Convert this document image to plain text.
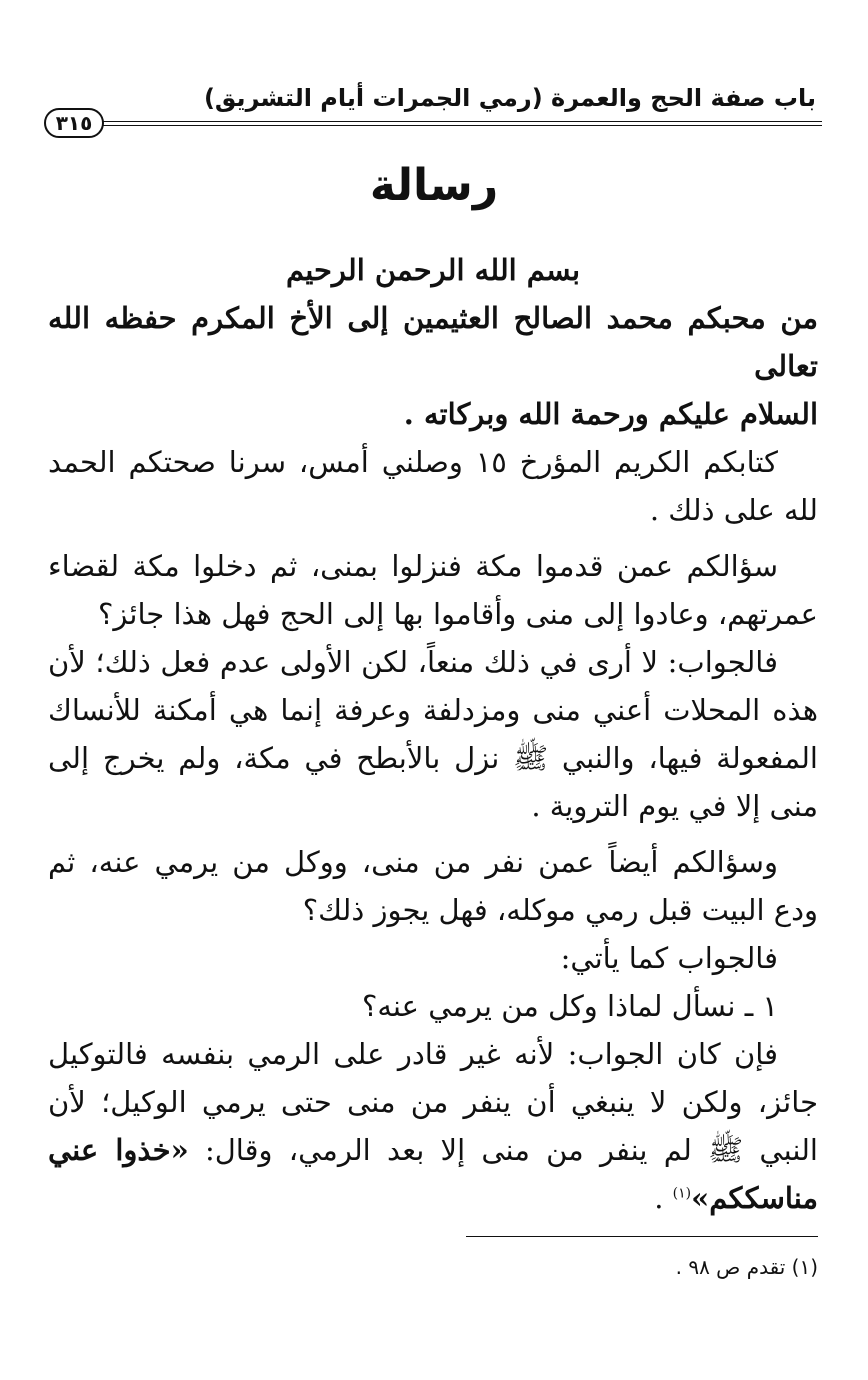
باب صفة الحج والعمرة (رمي الجمرات أيام التشريق)
٣١٥
رسالة

بسم الله الرحمن الرحيم

من محبكم محمد الصالح العثيمين إلى الأخ المكرم حفظه الله تعالى

السلام عليكم ورحمة الله وبركاته .

كتابكم الكريم المؤرخ ١٥ وصلني أمس، سرنا صحتكم الحمد لله على ذلك .

سؤالكم عمن قدموا مكة فنزلوا بمنى، ثم دخلوا مكة لقضاء عمرتهم، وعادوا إلى منى وأقاموا بها إلى الحج فهل هذا جائز؟

فالجواب: لا أرى في ذلك منعاً، لكن الأولى عدم فعل ذلك؛ لأن هذه المحلات أعني منى ومزدلفة وعرفة إنما هي أمكنة للأنساك المفعولة فيها، والنبي ﷺ نزل بالأبطح في مكة، ولم يخرج إلى منى إلا في يوم التروية .

وسؤالكم أيضاً عمن نفر من منى، ووكل من يرمي عنه، ثم ودع البيت قبل رمي موكله، فهل يجوز ذلك؟

فالجواب كما يأتي:

١ ـ نسأل لماذا وكل من يرمي عنه؟

فإن كان الجواب: لأنه غير قادر على الرمي بنفسه فالتوكيل جائز، ولكن لا ينبغي أن ينفر من منى حتى يرمي الوكيل؛ لأن النبي ﷺ لم ينفر من منى إلا بعد الرمي، وقال: «خذوا عني مناسككم»$^{(١)}$ .

(١) تقدم ص ٩٨ .
